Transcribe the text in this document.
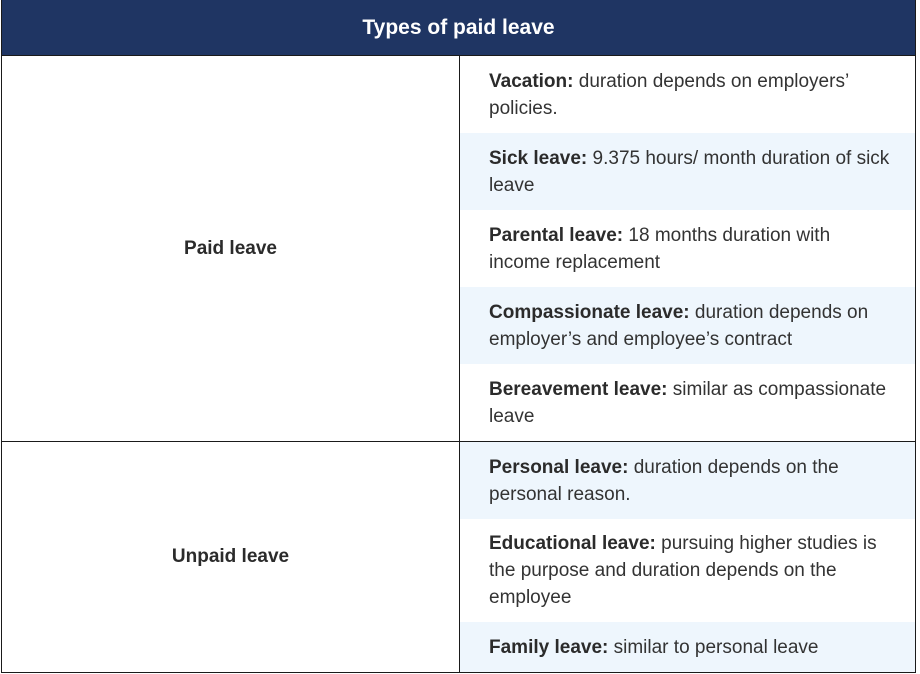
Types of paid leave
Paid leave
Vacation: duration depends on employers’ policies.
Sick leave: 9.375 hours/ month duration of sick leave
Parental leave: 18 months duration with income replacement
Compassionate leave: duration depends on employer’s and employee’s contract
Bereavement leave: similar as compassionate leave
Unpaid leave
Personal leave: duration depends on the personal reason.
Educational leave: pursuing higher studies is the purpose and duration depends on the employee
Family leave: similar to personal leave
